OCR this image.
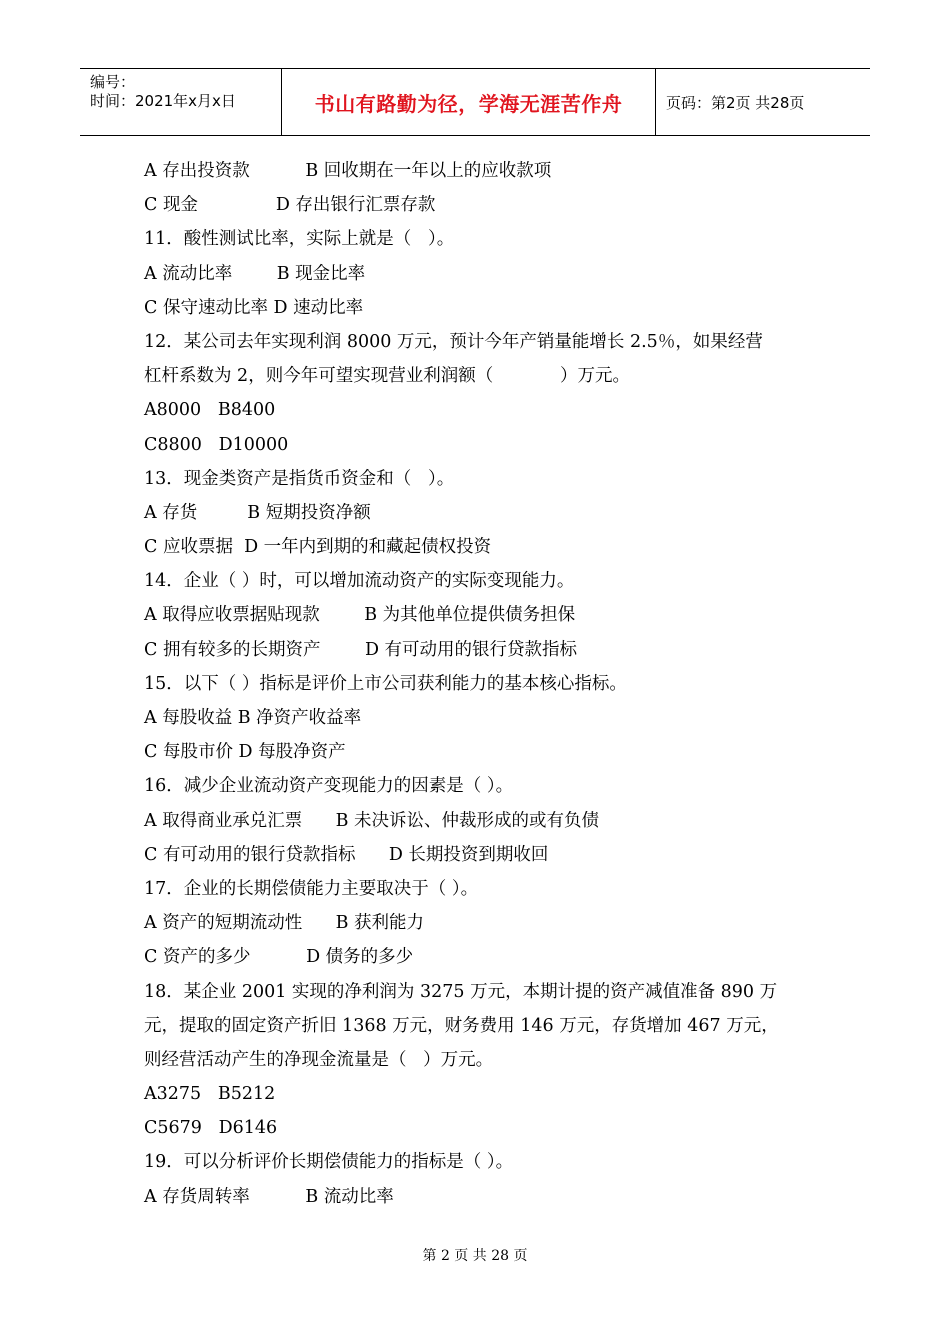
编号：
时间：2021年x月x日	书山有路勤为径，学海无涯苦作舟	页码：第2页 共28页
A 存出投资款          B 回收期在一年以上的应收款项
C 现金              D 存出银行汇票存款
11．酸性测试比率，实际上就是（   ）。
A 流动比率        B 现金比率
C 保守速动比率 D 速动比率
12．某公司去年实现利润 8000 万元，预计今年产销量能增长 2.5％，如果经营
杠杆系数为 2，则今年可望实现营业利润额（            ）万元。
A8000   B8400
C8800   D10000
13．现金类资产是指货币资金和（   ）。
A 存货         B 短期投资净额
C 应收票据  D 一年内到期的和藏起债权投资
14．企业（ ）时，可以增加流动资产的实际变现能力。
A 取得应收票据贴现款        B 为其他单位提供债务担保
C 拥有较多的长期资产        D 有可动用的银行贷款指标
15．以下（ ）指标是评价上市公司获利能力的基本核心指标。
A 每股收益 B 净资产收益率
C 每股市价 D 每股净资产
16．减少企业流动资产变现能力的因素是（ ）。
A 取得商业承兑汇票      B 未决诉讼、仲裁形成的或有负债
C 有可动用的银行贷款指标      D 长期投资到期收回
17．企业的长期偿债能力主要取决于（ ）。
A 资产的短期流动性      B 获利能力
C 资产的多少          D 债务的多少
18．某企业 2001 实现的净利润为 3275 万元，本期计提的资产减值准备 890 万
元，提取的固定资产折旧 1368 万元，财务费用 146 万元，存货增加 467 万元，
则经营活动产生的净现金流量是（   ）万元。
A3275   B5212
C5679   D6146
19．可以分析评价长期偿债能力的指标是（ ）。
A 存货周转率          B 流动比率
第 2 页 共 28 页
